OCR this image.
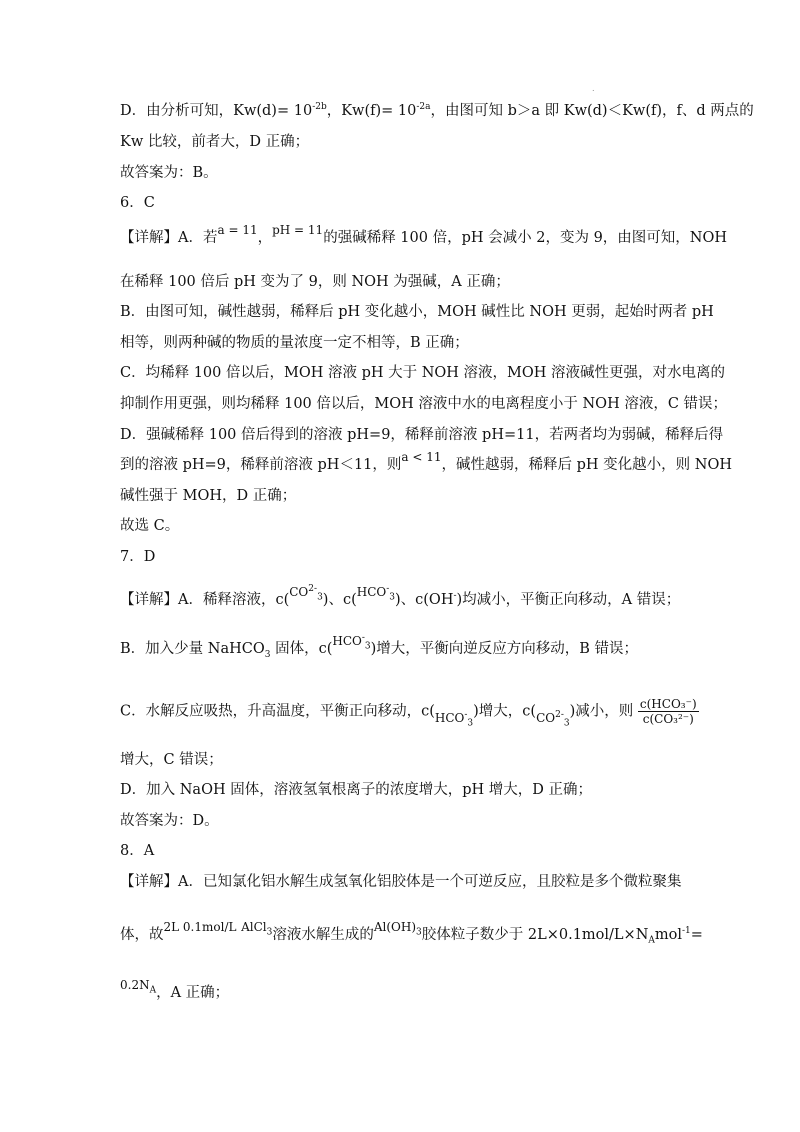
.
D．由分析可知，$Kw(d)= 10^{-2b}$，$Kw(f)= 10^{-2a}$，由图可知 b＞a 即 Kw(d)＜Kw(f)，f、d 两点的
Kw 比较，前者大，D 正确；
故答案为：B。
6．C
【详解】A．若$^{a = 11}$，$^{pH = 11}$的强碱稀释 100 倍，pH 会减小 2，变为 9，由图可知，NOH
在稀释 100 倍后 pH 变为了 9，则 NOH 为强碱，A 正确；
B．由图可知，碱性越弱，稀释后 pH 变化越小，MOH 碱性比 NOH 更弱，起始时两者 pH
相等，则两种碱的物质的量浓度一定不相等，B 正确；
C．均稀释 100 倍以后，MOH 溶液 pH 大于 NOH 溶液，MOH 溶液碱性更强，对水电离的
抑制作用更强，则均稀释 100 倍以后，MOH 溶液中水的电离程度小于 NOH 溶液，C 错误；
D．强碱稀释 100 倍后得到的溶液 pH=9，稀释前溶液 pH=11，若两者均为弱碱，稀释后得
到的溶液 pH=9，稀释前溶液 pH＜11，则$^{a < 11}$，碱性越弱，稀释后 pH 变化越小，则 NOH
碱性强于 MOH，D 正确；
故选 C。
7．D
【详解】A．稀释溶液，c($^{CO^{2-}_3}$)、c($^{HCO^-_3}$)、c(OH-)均减小，平衡正向移动，A 错误；
B．加入少量 NaHCO$_3$ 固体，c($^{HCO^-_3}$)增大，平衡向逆反应方向移动，B 错误；
C．水解反应吸热，升高温度，平衡正向移动，$c(_{HCO^-_3})$增大，$c(_{CO^{2-}_3})$减小，则 $\frac{\text{c(HCO₃⁻)}}{\text{c(CO₃²⁻)}}$
增大，C 错误；
D．加入 NaOH 固体，溶液氢氧根离子的浓度增大，pH 增大，D 正确；
故答案为：D。
8．A
【详解】A．已知氯化铝水解生成氢氧化铝胶体是一个可逆反应，且胶粒是多个微粒聚集
体，故$^{2L 0.1mol/L}$ $^{AlCl_3}$溶液水解生成的$^{Al(OH)_3}$胶体粒子数少于 $2L\times 0.1mol/L\times N_Amol^{-1}=$
$^{0.2N_A}$，A 正确；
